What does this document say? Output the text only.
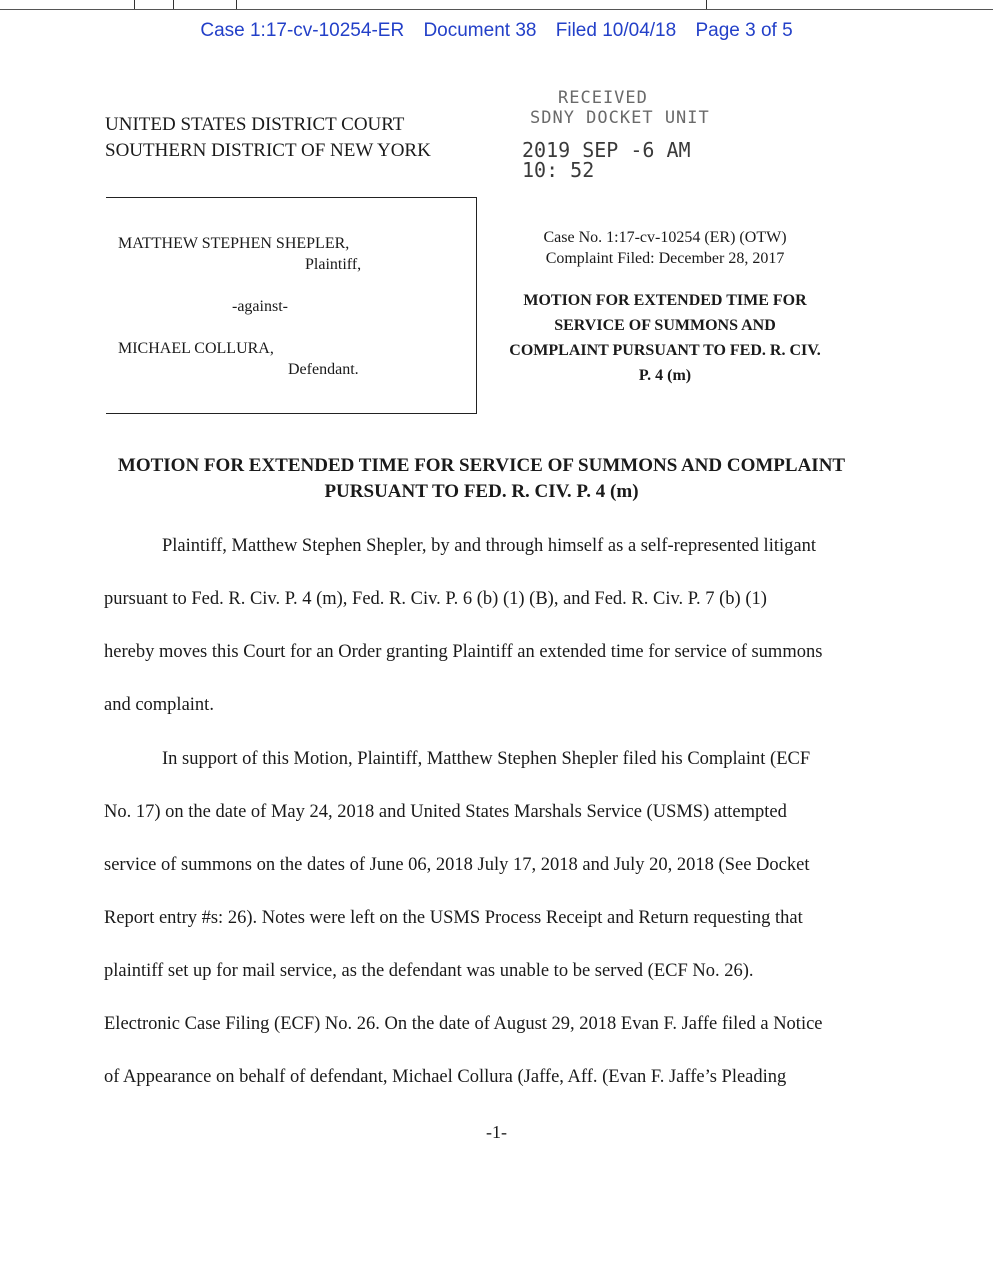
Case 1:17-cv-10254-ER Document 38 Filed 10/04/18 Page 3 of 5
UNITED STATES DISTRICT COURT
SOUTHERN DISTRICT OF NEW YORK
RECEIVED
SDNY DOCKET UNIT
2019 SEP -6 AM 10: 52
MATTHEW STEPHEN SHEPLER,
Plaintiff,
-against-
MICHAEL COLLURA,
Defendant.
Case No. 1:17-cv-10254 (ER) (OTW)
Complaint Filed: December 28, 2017
MOTION FOR EXTENDED TIME FOR
SERVICE OF SUMMONS AND
COMPLAINT PURSUANT TO FED. R. CIV.
P. 4 (m)
MOTION FOR EXTENDED TIME FOR SERVICE OF SUMMONS AND COMPLAINT
PURSUANT TO FED. R. CIV. P. 4 (m)
Plaintiff, Matthew Stephen Shepler, by and through himself as a self-represented litigant
pursuant to Fed. R. Civ. P. 4 (m), Fed. R. Civ. P. 6 (b) (1) (B), and Fed. R. Civ. P. 7 (b) (1)
hereby moves this Court for an Order granting Plaintiff an extended time for service of summons
and complaint.
In support of this Motion, Plaintiff, Matthew Stephen Shepler filed his Complaint (ECF
No. 17) on the date of May 24, 2018 and United States Marshals Service (USMS) attempted
service of summons on the dates of June 06, 2018 July 17, 2018 and July 20, 2018 (See Docket
Report entry #s: 26). Notes were left on the USMS Process Receipt and Return requesting that
plaintiff set up for mail service, as the defendant was unable to be served (ECF No. 26).
Electronic Case Filing (ECF) No. 26. On the date of August 29, 2018 Evan F. Jaffe filed a Notice
of Appearance on behalf of defendant, Michael Collura (Jaffe, Aff. (Evan F. Jaffe’s Pleading
-1-
